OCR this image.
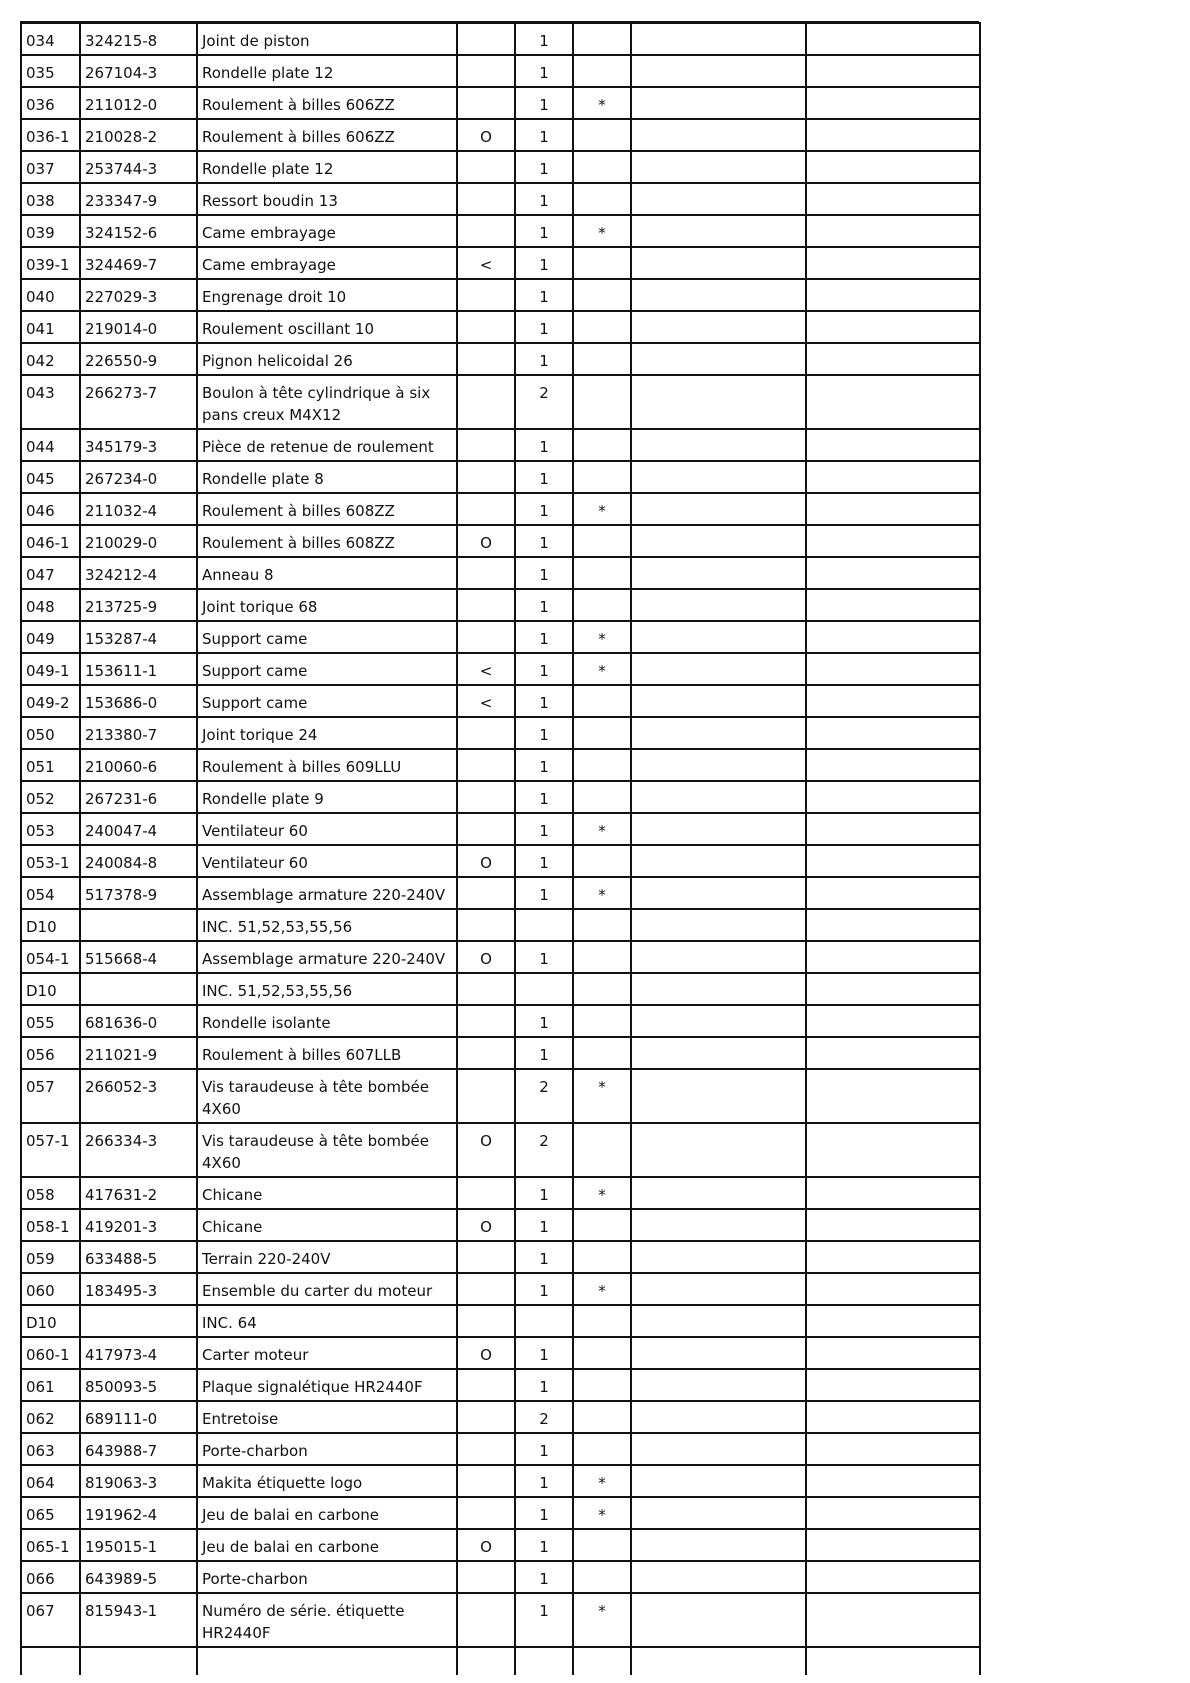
034	324215-8	Joint de piston		1			
035	267104-3	Rondelle plate 12		1			
036	211012-0	Roulement à billes 606ZZ		1	*		
036-1	210028-2	Roulement à billes 606ZZ	O	1			
037	253744-3	Rondelle plate 12		1			
038	233347-9	Ressort boudin 13		1			
039	324152-6	Came embrayage		1	*		
039-1	324469-7	Came embrayage	<	1			
040	227029-3	Engrenage droit 10		1			
041	219014-0	Roulement oscillant 10		1			
042	226550-9	Pignon helicoidal 26		1			
043	266273-7	Boulon à tête cylindrique à six pans creux M4X12		2			
044	345179-3	Pièce de retenue de roulement		1			
045	267234-0	Rondelle plate 8		1			
046	211032-4	Roulement à billes 608ZZ		1	*		
046-1	210029-0	Roulement à billes 608ZZ	O	1			
047	324212-4	Anneau 8		1			
048	213725-9	Joint torique 68		1			
049	153287-4	Support came		1	*		
049-1	153611-1	Support came	<	1	*		
049-2	153686-0	Support came	<	1			
050	213380-7	Joint torique 24		1			
051	210060-6	Roulement à billes 609LLU		1			
052	267231-6	Rondelle plate 9		1			
053	240047-4	Ventilateur 60		1	*		
053-1	240084-8	Ventilateur 60	O	1			
054	517378-9	Assemblage armature 220-240V		1	*		
D10		INC. 51,52,53,55,56					
054-1	515668-4	Assemblage armature 220-240V	O	1			
D10		INC. 51,52,53,55,56					
055	681636-0	Rondelle isolante		1			
056	211021-9	Roulement à billes 607LLB		1			
057	266052-3	Vis taraudeuse à tête bombée 4X60		2	*		
057-1	266334-3	Vis taraudeuse à tête bombée 4X60	O	2			
058	417631-2	Chicane		1	*		
058-1	419201-3	Chicane	O	1			
059	633488-5	Terrain 220-240V		1			
060	183495-3	Ensemble du carter du moteur		1	*		
D10		INC. 64					
060-1	417973-4	Carter moteur	O	1			
061	850093-5	Plaque signalétique HR2440F		1			
062	689111-0	Entretoise		2			
063	643988-7	Porte-charbon		1			
064	819063-3	Makita étiquette logo		1	*		
065	191962-4	Jeu de balai en carbone		1	*		
065-1	195015-1	Jeu de balai en carbone	O	1			
066	643989-5	Porte-charbon		1			
067	815943-1	Numéro de série. étiquette HR2440F		1	*		
